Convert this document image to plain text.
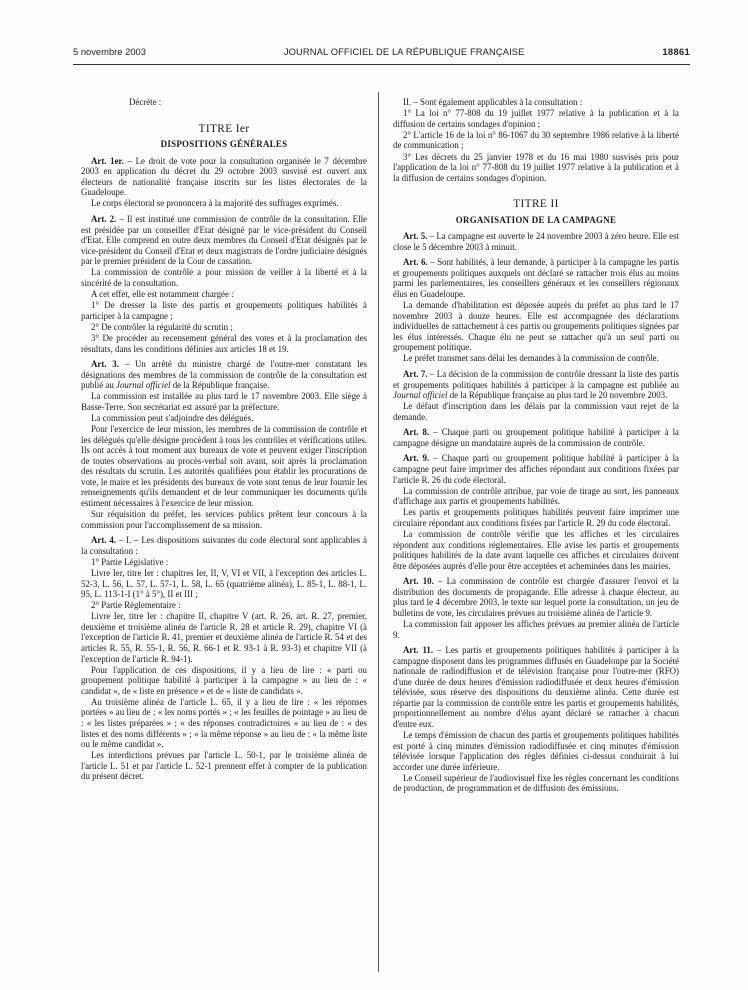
5 novembre 2003	JOURNAL OFFICIEL DE LA RÉPUBLIQUE FRANÇAISE	18861

Décrète :

TITRE Ier

DISPOSITIONS GÉNÉRALES

Art. 1er. – Le droit de vote pour la consultation organisée le 7 décembre 2003 en application du décret du 29 octobre 2003 susvisé est ouvert aux électeurs de nationalité française inscrits sur les listes électorales de la Guadeloupe.

Le corps électoral se prononcera à la majorité des suffrages exprimés.

Art. 2. – Il est institué une commission de contrôle de la consultation. Elle est présidée par un conseiller d'Etat désigné par le vice-président du Conseil d'Etat. Elle comprend en outre deux membres du Conseil d'Etat désignés par le vice-président du Conseil d'Etat et deux magistrats de l'ordre judiciaire désignés par le premier président de la Cour de cassation.

La commission de contrôle a pour mission de veiller à la liberté et à la sincérité de la consultation.

A cet effet, elle est notamment chargée :

1° De dresser la liste des partis et groupements politiques habilités à participer à la campagne ;

2° De contrôler la régularité du scrutin ;

3° De procéder au recensement général des votes et à la proclamation des résultats, dans les conditions définies aux articles 18 et 19.

Art. 3. – Un arrêté du ministre chargé de l'outre-mer constatant les désignations des membres de la commission de contrôle de la consultation est publié au Journal officiel de la République française.

La commission est installée au plus tard le 17 novembre 2003. Elle siège à Basse-Terre. Son secrétariat est assuré par la préfecture.

La commission peut s'adjoindre des délégués.

Pour l'exercice de leur mission, les membres de la commission de contrôle et les délégués qu'elle désigne procèdent à tous les contrôles et vérifications utiles. Ils ont accès à tout moment aux bureaux de vote et peuvent exiger l'inscription de toutes observations au procès-verbal soit avant, soit après la proclamation des résultats du scrutin. Les autorités qualifiées pour établir les procurations de vote, le maire et les présidents des bureaux de vote sont tenus de leur fournir les renseignements qu'ils demandent et de leur communiquer les documents qu'ils estiment nécessaires à l'exercice de leur mission.

Sur réquisition du préfet, les services publics prêtent leur concours à la commission pour l'accomplissement de sa mission.

Art. 4. – I. – Les dispositions suivantes du code électoral sont applicables à la consultation :

1° Partie Législative :

Livre Ier, titre Ier : chapitres Ier, II, V, VI et VII, à l'exception des articles L. 52-3, L. 56, L. 57, L. 57-1, L. 58, L. 65 (quatrième alinéa), L. 85-1, L. 88-1, L. 95, L. 113-1-I (1° à 5°), II et III ;

2° Partie Réglementaire :

Livre Ier, titre Ier : chapitre II, chapitre V (art. R. 26, art. R. 27, premier, deuxième et troisième alinéa de l'article R. 28 et article R. 29), chapitre VI (à l'exception de l'article R. 41, premier et deuxième alinéa de l'article R. 54 et des articles R. 55, R. 55-1, R. 56, R. 66-1 et R. 93-1 à R. 93-3) et chapitre VII (à l'exception de l'article R. 94-1).

Pour l'application de ces dispositions, il y a lieu de lire : « parti ou groupement politique habilité à participer à la campagne » au lieu de : « candidat », de « liste en présence » et de « liste de candidats ».

Au troisième alinéa de l'article L. 65, il y a lieu de lire : « les réponses portées » au lieu de : « les noms portés » ; « les feuilles de pointage » au lieu de : « les listes préparées » ; « des réponses contradictoires » au lieu de : « des listes et des noms différents » ; « la même réponse » au lieu de : « la même liste ou le même candidat ».

Les interdictions prévues par l'article L. 50-1, par le troisième alinéa de l'article L. 51 et par l'article L. 52-1 prennent effet à compter de la publication du présent décret.

II. – Sont également applicables à la consultation :

1° La loi n° 77-808 du 19 juillet 1977 relative à la publication et à la diffusion de certains sondages d'opinion ;

2° L'article 16 de la loi n° 86-1067 du 30 septembre 1986 relative à la liberté de communication ;

3° Les décrets du 25 janvier 1978 et du 16 mai 1980 susvisés pris pour l'application de la loi n° 77-808 du 19 juillet 1977 relative à la publication et à la diffusion de certains sondages d'opinion.

TITRE II

ORGANISATION DE LA CAMPAGNE

Art. 5. – La campagne est ouverte le 24 novembre 2003 à zéro heure. Elle est close le 5 décembre 2003 à minuit.

Art. 6. – Sont habilités, à leur demande, à participer à la campagne les partis et groupements politiques auxquels ont déclaré se rattacher trois élus au moins parmi les parlementaires, les conseillers généraux et les conseillers régionaux élus en Guadeloupe.

La demande d'habilitation est déposée auprès du préfet au plus tard le 17 novembre 2003 à douze heures. Elle est accompagnée des déclarations individuelles de rattachement à ces partis ou groupements politiques signées par les élus intéressés. Chaque élu ne peut se rattacher qu'à un seul parti ou groupement politique.

Le préfet transmet sans délai les demandes à la commission de contrôle.

Art. 7. – La décision de la commission de contrôle dressant la liste des partis et groupements politiques habilités à participer à la campagne est publiée au Journal officiel de la République française au plus tard le 20 novembre 2003.

Le défaut d'inscription dans les délais par la commission vaut rejet de la demande.

Art. 8. – Chaque parti ou groupement politique habilité à participer à la campagne désigne un mandataire auprès de la commission de contrôle.

Art. 9. – Chaque parti ou groupement politique habilité à participer à la campagne peut faire imprimer des affiches répondant aux conditions fixées par l'article R. 26 du code électoral.

La commission de contrôle attribue, par voie de tirage au sort, les panneaux d'affichage aux partis et groupements habilités.

Les partis et groupements politiques habilités peuvent faire imprimer une circulaire répondant aux conditions fixées par l'article R. 29 du code électoral.

La commission de contrôle vérifie que les affiches et les circulaires répondent aux conditions réglementaires. Elle avise les partis et groupements politiques habilités de la date avant laquelle ces affiches et circulaires doivent être déposées auprès d'elle pour être acceptées et acheminées dans les mairies.

Art. 10. – La commission de contrôle est chargée d'assurer l'envoi et la distribution des documents de propagande. Elle adresse à chaque électeur, au plus tard le 4 décembre 2003, le texte sur lequel porte la consultation, un jeu de bulletins de vote, les circulaires prévues au troisième alinéa de l'article 9.

La commission fait apposer les affiches prévues au premier alinéa de l'article 9.

Art. 11. – Les partis et groupements politiques habilités à participer à la campagne disposent dans les programmes diffusés en Guadeloupe par la Société nationale de radiodiffusion et de télévision française pour l'outre-mer (RFO) d'une durée de deux heures d'émission radiodiffusée et deux heures d'émission télévisée, sous réserve des dispositions du deuxième alinéa. Cette durée est répartie par la commission de contrôle entre les partis et groupements habilités, proportionnellement au nombre d'élus ayant déclaré se rattacher à chacun d'entre eux.

Le temps d'émission de chacun des partis et groupements politiques habilités est porté à cinq minutes d'émission radiodiffusée et cinq minutes d'émission télévisée lorsque l'application des règles définies ci-dessus conduirait à lui accorder une durée inférieure.

Le Conseil supérieur de l'audiovisuel fixe les règles concernant les conditions de production, de programmation et de diffusion des émissions.
